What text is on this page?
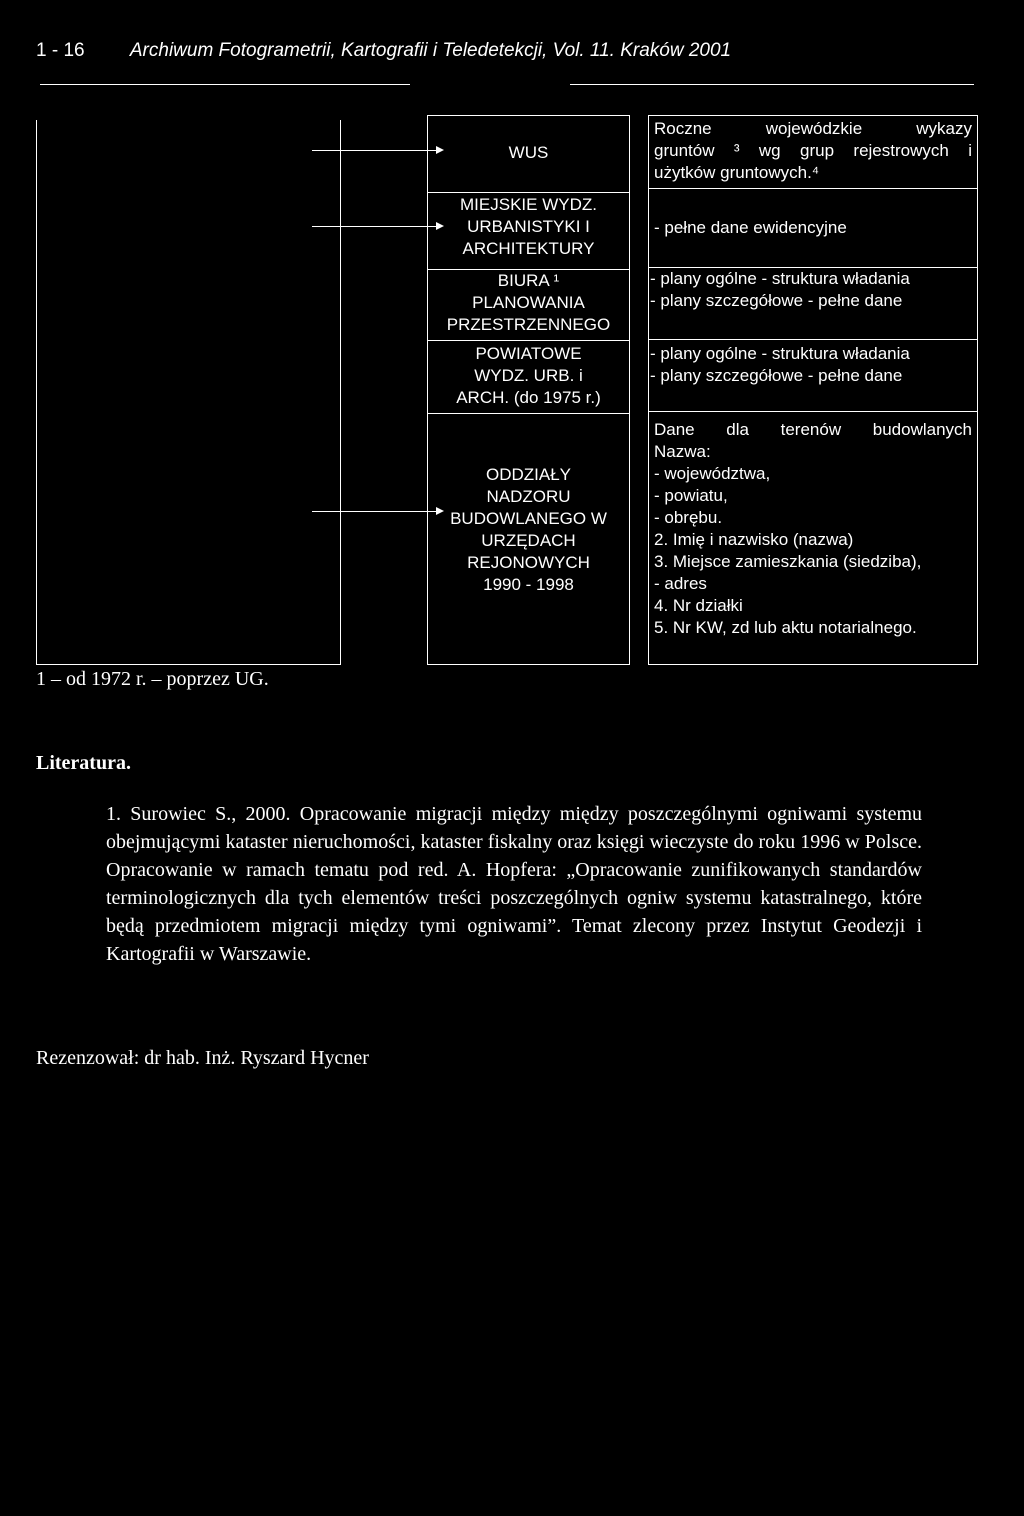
1 - 16 Archiwum Fotogrametrii, Kartografii i Teledetekcji, Vol. 11. Kraków 2001
1 – od 1972 r. – poprzez UG.
WUS
MIEJSKIE WYDZ.
URBANISTYKI I
ARCHITEKTURY
BIURA ¹
PLANOWANIA
PRZESTRZENNEGO
POWIATOWE
WYDZ. URB. i
ARCH. (do 1975 r.)
ODDZIAŁY
NADZORU
BUDOWLANEGO W
URZĘDACH
REJONOWYCH
1990 - 1998
Roczne wojewódzkie wykazy
gruntów ³ wg grup rejestrowych i
użytków gruntowych.⁴
- pełne dane ewidencyjne
- plany ogólne - struktura władania
- plany szczegółowe - pełne dane
- plany ogólne - struktura władania
- plany szczegółowe - pełne dane
Dane dla terenów budowlanych
Nazwa:
- województwa,
- powiatu,
- obrębu.
2. Imię i nazwisko (nazwa)
3. Miejsce zamieszkania (siedziba),
- adres
4. Nr działki
5. Nr KW, zd lub aktu notarialnego.
Literatura.
1. Surowiec S., 2000. Opracowanie migracji między między poszczególnymi ogniwami systemu obejmującymi kataster nieruchomości, kataster fiskalny oraz księgi wieczyste do roku 1996 w Polsce. Opracowanie w ramach tematu pod red. A. Hopfera: „Opracowanie zunifikowanych standardów terminologicznych dla tych elementów treści poszczególnych ogniw systemu katastralnego, które będą przedmiotem migracji między tymi ogniwami”. Temat zlecony przez Instytut Geodezji i Kartografii w Warszawie.
Rezenzował: dr hab. Inż. Ryszard Hycner
